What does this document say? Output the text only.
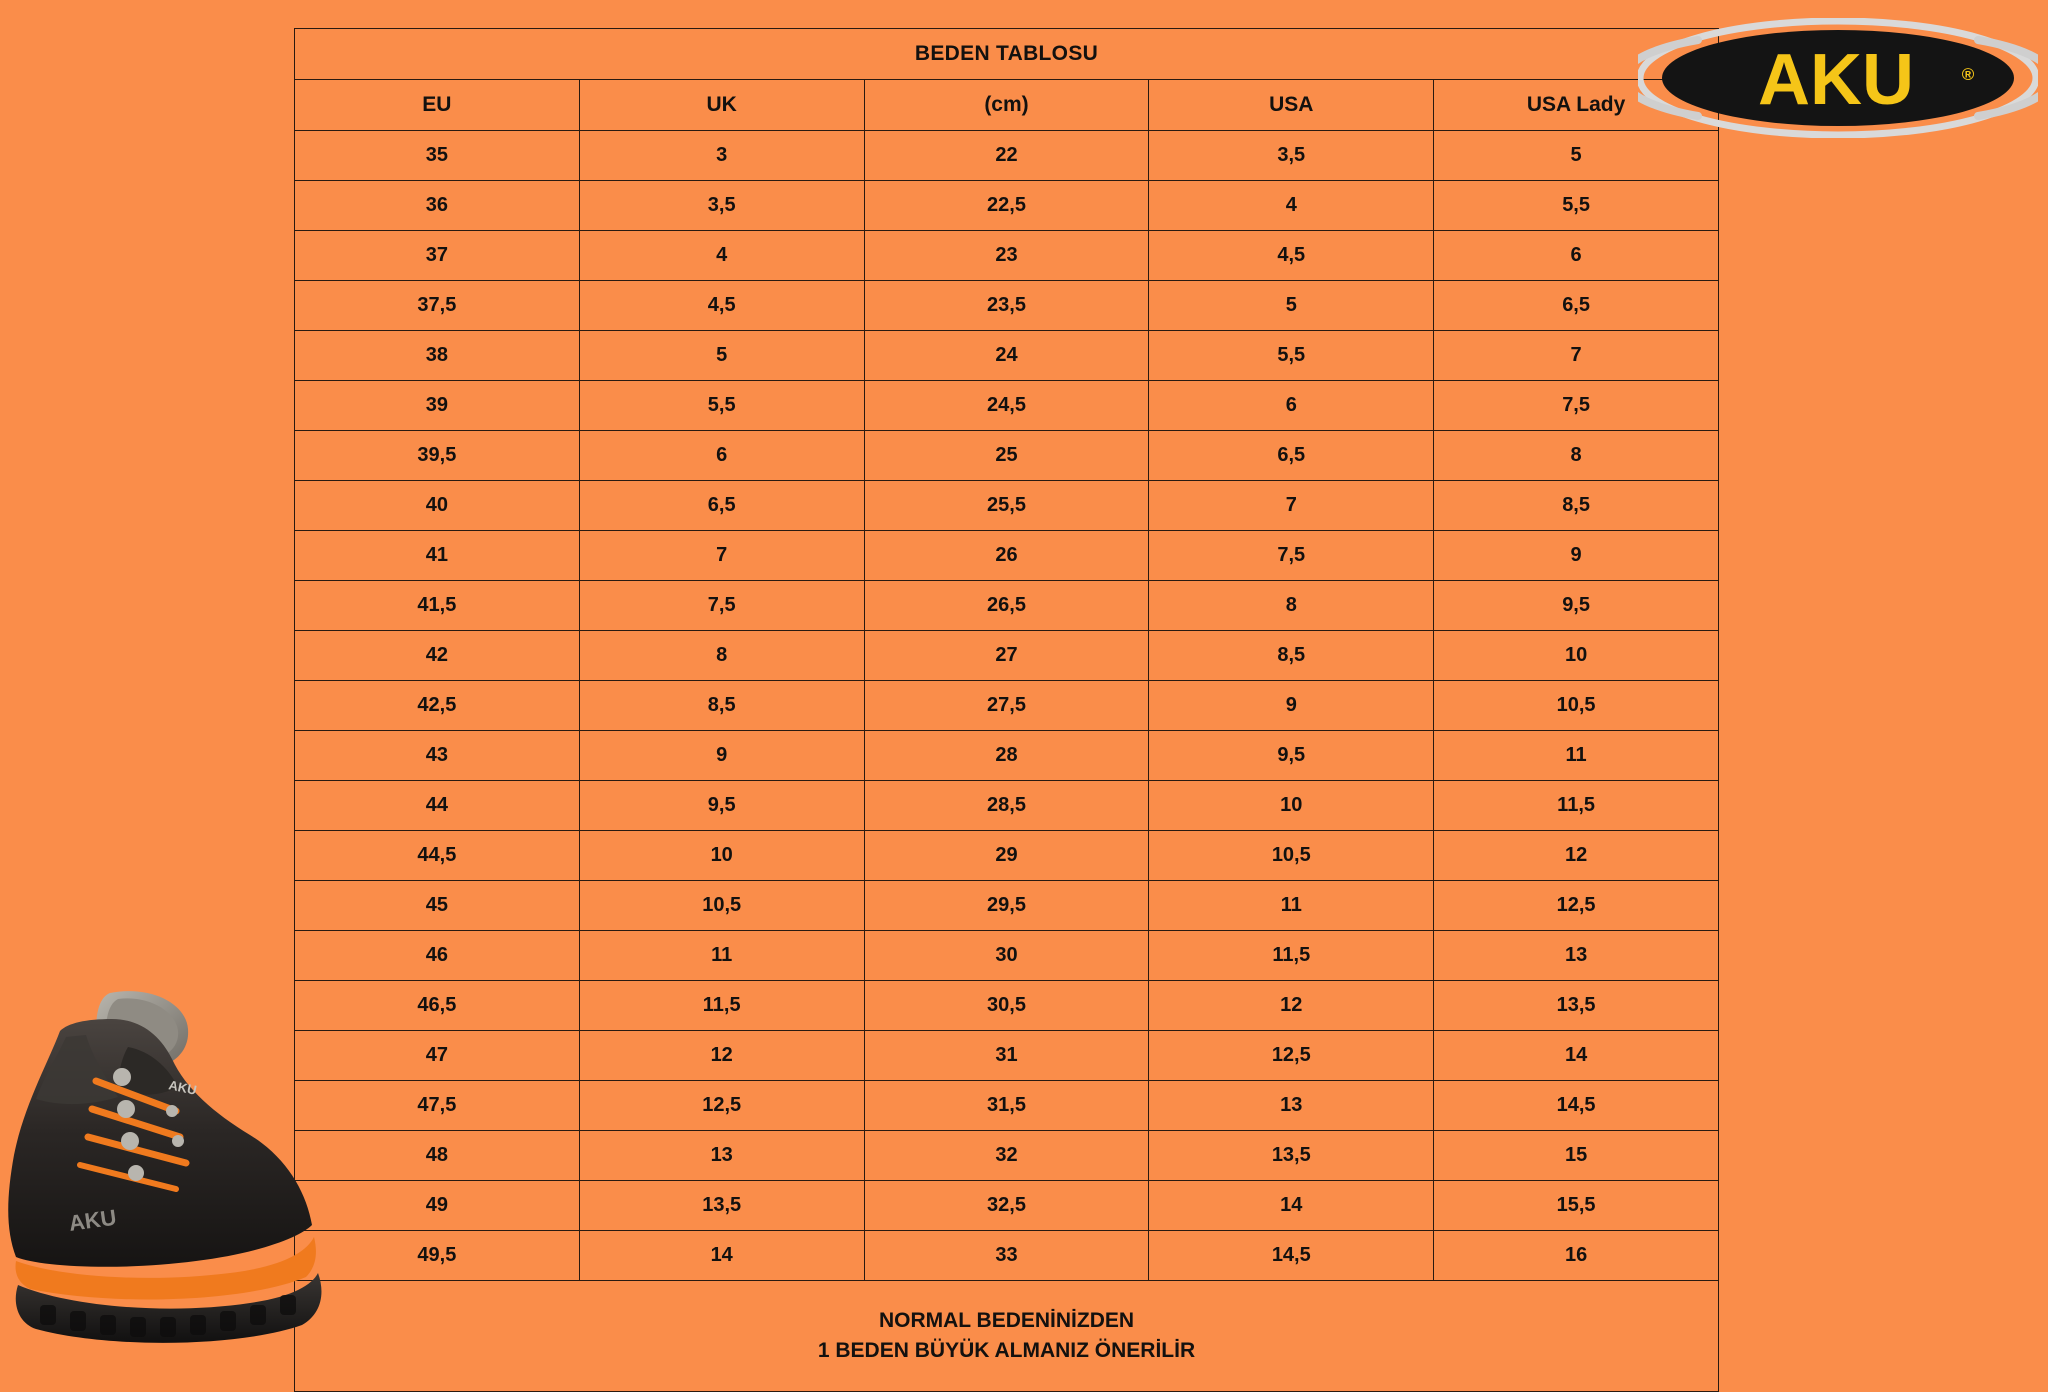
BEDEN TABLOSU				
EU	UK	(cm)	USA	USA Lady
35	3	22	3,5	5
36	3,5	22,5	4	5,5
37	4	23	4,5	6
37,5	4,5	23,5	5	6,5
38	5	24	5,5	7
39	5,5	24,5	6	7,5
39,5	6	25	6,5	8
40	6,5	25,5	7	8,5
41	7	26	7,5	9
41,5	7,5	26,5	8	9,5
42	8	27	8,5	10
42,5	8,5	27,5	9	10,5
43	9	28	9,5	11
44	9,5	28,5	10	11,5
44,5	10	29	10,5	12
45	10,5	29,5	11	12,5
46	11	30	11,5	13
46,5	11,5	30,5	12	13,5
47	12	31	12,5	14
47,5	12,5	31,5	13	14,5
48	13	32	13,5	15
49	13,5	32,5	14	15,5
49,5	14	33	14,5	16

NORMAL BEDENİNİZDEN
1 BEDEN BÜYÜK ALMANIZ ÖNERİLİR				
AKU	®
AKU
AKU
